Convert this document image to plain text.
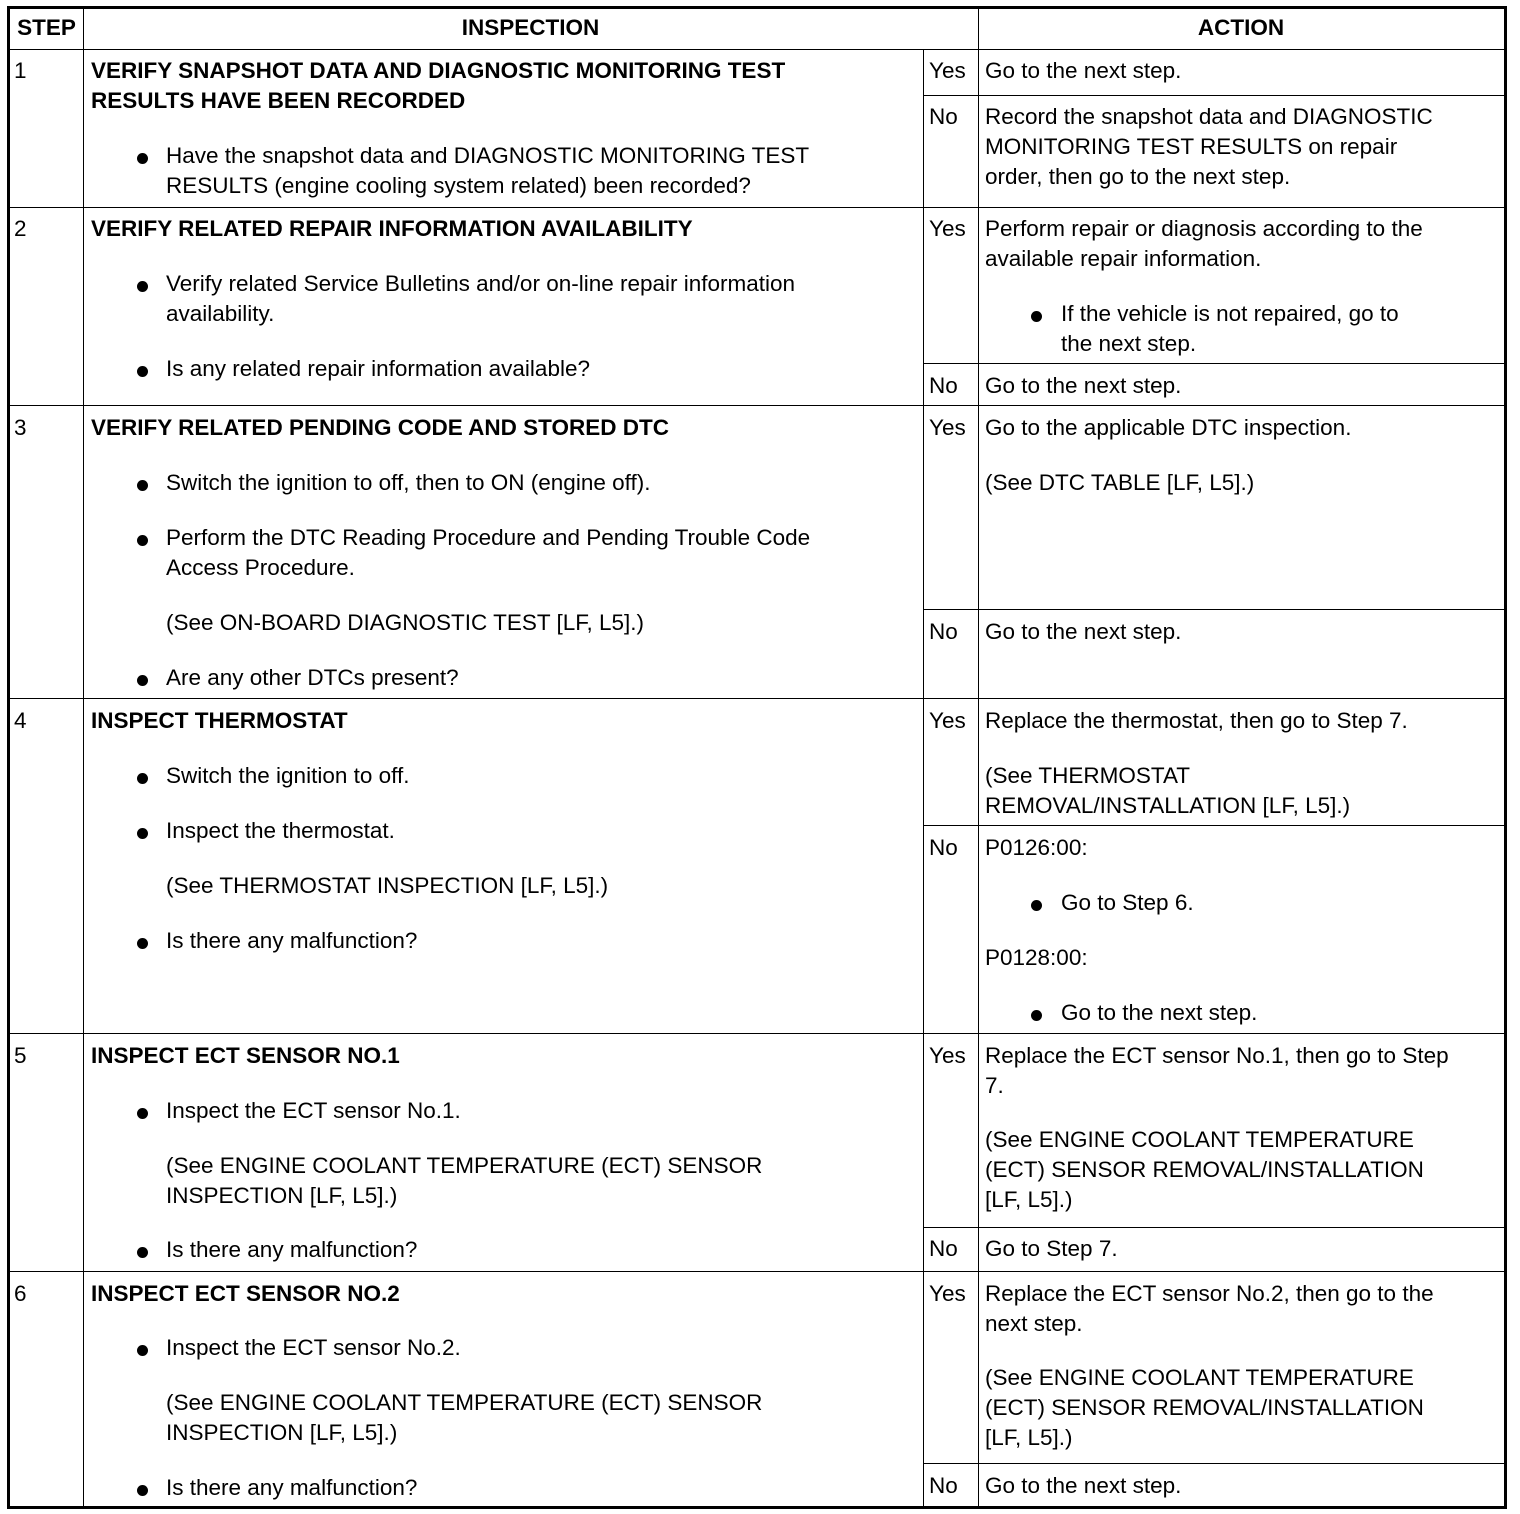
STEP	INSPECTION	ACTION
1	VERIFY SNAPSHOT DATA AND DIAGNOSTIC MONITORING TEST
RESULTS HAVE BEEN RECORDED
Have the snapshot data and DIAGNOSTIC MONITORING TEST
RESULTS (engine cooling system related) been recorded?
Yes Go to the next step.
No Record the snapshot data and DIAGNOSTIC
MONITORING TEST RESULTS on repair
order, then go to the next step.
2	VERIFY RELATED REPAIR INFORMATION AVAILABILITY
Verify related Service Bulletins and/or on-line repair information
availability.
Is any related repair information available?
Yes Perform repair or diagnosis according to the
available repair information.
If the vehicle is not repaired, go to
the next step.
No Go to the next step.
3	VERIFY RELATED PENDING CODE AND STORED DTC
Switch the ignition to off, then to ON (engine off).
Perform the DTC Reading Procedure and Pending Trouble Code
Access Procedure.
(See ON-BOARD DIAGNOSTIC TEST [LF, L5].)
Are any other DTCs present?
Yes Go to the applicable DTC inspection.
(See DTC TABLE [LF, L5].)
No Go to the next step.
4	INSPECT THERMOSTAT
Switch the ignition to off.
Inspect the thermostat.
(See THERMOSTAT INSPECTION [LF, L5].)
Is there any malfunction?
Yes Replace the thermostat, then go to Step 7.
(See THERMOSTAT
REMOVAL/INSTALLATION [LF, L5].)
No P0126:00:
Go to Step 6.
P0128:00:
Go to the next step.
5	INSPECT ECT SENSOR NO.1
Inspect the ECT sensor No.1.
(See ENGINE COOLANT TEMPERATURE (ECT) SENSOR
INSPECTION [LF, L5].)
Is there any malfunction?
Yes Replace the ECT sensor No.1, then go to Step
7.
(See ENGINE COOLANT TEMPERATURE
(ECT) SENSOR REMOVAL/INSTALLATION
[LF, L5].)
No Go to Step 7.
6	INSPECT ECT SENSOR NO.2
Inspect the ECT sensor No.2.
(See ENGINE COOLANT TEMPERATURE (ECT) SENSOR
INSPECTION [LF, L5].)
Is there any malfunction?
Yes Replace the ECT sensor No.2, then go to the
next step.
(See ENGINE COOLANT TEMPERATURE
(ECT) SENSOR REMOVAL/INSTALLATION
[LF, L5].)
No Go to the next step.
